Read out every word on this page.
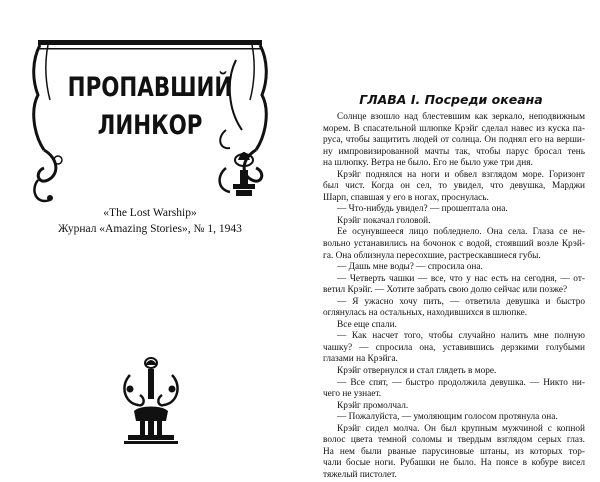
ПРОПАВШИЙ
ЛИНКОР
«The Lost Warship»
Журнал «Amazing Stories», № 1, 1943
ГЛАВА I. Посреди океана
Солнце взошло над блестевшим как зеркало, неподвижным
морем. В спасательной шлюпке Крэйг сделал навес из куска па-
руса, чтобы защитить людей от солнца. Он поднял его на верши-
ну импровизированной мачты так, чтобы парус бросал тень
на шлюпку. Ветра не было. Его не было уже три дня.
Крэйг поднялся на ноги и обвел взглядом море. Горизонт
был чист. Когда он сел, то увидел, что девушка, Марджи
Шарп, спавшая у его в ногах, проснулась.
— Что-нибудь увидел? — прошептала она.
Крэйг покачал головой.
Ее осунувшееся лицо побледнело. Она села. Глаза се не-
вольно устанавились на бочонок с водой, стоявший возле Крэй-
га. Она облизнула пересохшие, растрескавшиеся губы.
— Дашь мне воды? — спросила она.
— Четверть чашки — все, что у нас есть на сегодня, — от-
ветил Крэйг. — Хотите забрать свою долю сейчас или позже?
— Я ужасно хочу пить, — ответила девушка и быстро
оглянулась на остальных, находившихся в шлюпке.
Все еще спали.
— Как насчет того, чтобы случайно налить мне полную
чашку? — спросила она, уставившись дерзкими голубыми
глазами на Крэйга.
Крэйг отвернулся и стал глядеть в море.
— Все спят, — быстро продолжила девушка. — Никто ни-
чего не узнает.
Крэйг промолчал.
— Пожалуйста, — умоляющим голосом протянула она.
Крэйг сидел молча. Он был крупным мужчиной с копной
волос цвета темной соломы и твердым взглядом серых глаз.
На нем были рваные парусиновые штаны, из которых тор-
чали босые ноги. Рубашки не было. На поясе в кобуре висел
тяжелый пистолет.
